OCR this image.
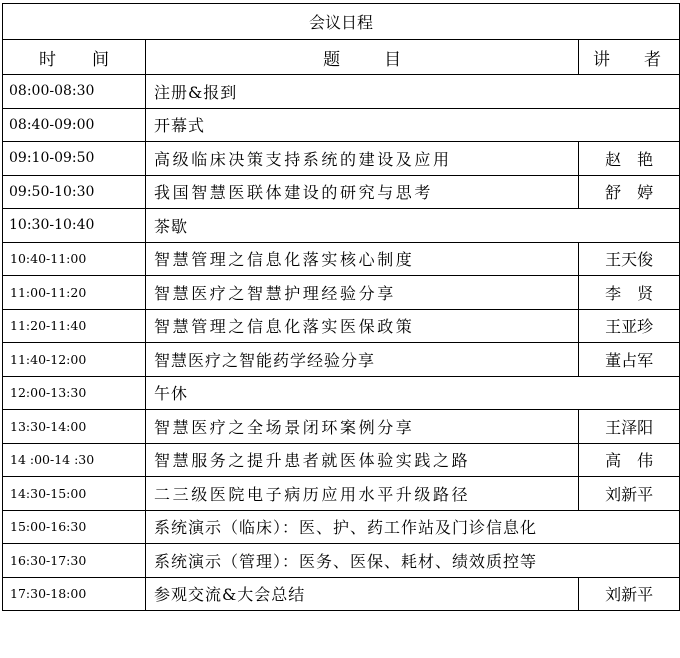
会议日程		
时间	题目	讲 者
08:00-08:30	注册&报到	
08:40-09:00	开幕式	
09:10-09:50	高级临床决策支持系统的建设及应用	赵艳
09:50-10:30	我国智慧医联体建设的研究与思考	舒婷
10:30-10:40	茶歇	
10:40-11:00	智慧管理之信息化落实核心制度	王天俊
11:00-11:20	智慧医疗之智慧护理经验分享	李贤
11:20-11:40	智慧管理之信息化落实医保政策	王亚珍
11:40-12:00	智慧医疗之智能药学经验分享	董占军
12:00-13:30	午休	
13:30-14:00	智慧医疗之全场景闭环案例分享	王泽阳
14 :00-14 :30	智慧服务之提升患者就医体验实践之路	高伟
14:30-15:00	二三级医院电子病历应用水平升级路径	刘新平
15:00-16:30	系统演示（临床）：医、护、药工作站及门诊信息化	
16:30-17:30	系统演示（管理）：医务、医保、耗材、绩效质控等	
17:30-18:00	参观交流&大会总结	刘新平
